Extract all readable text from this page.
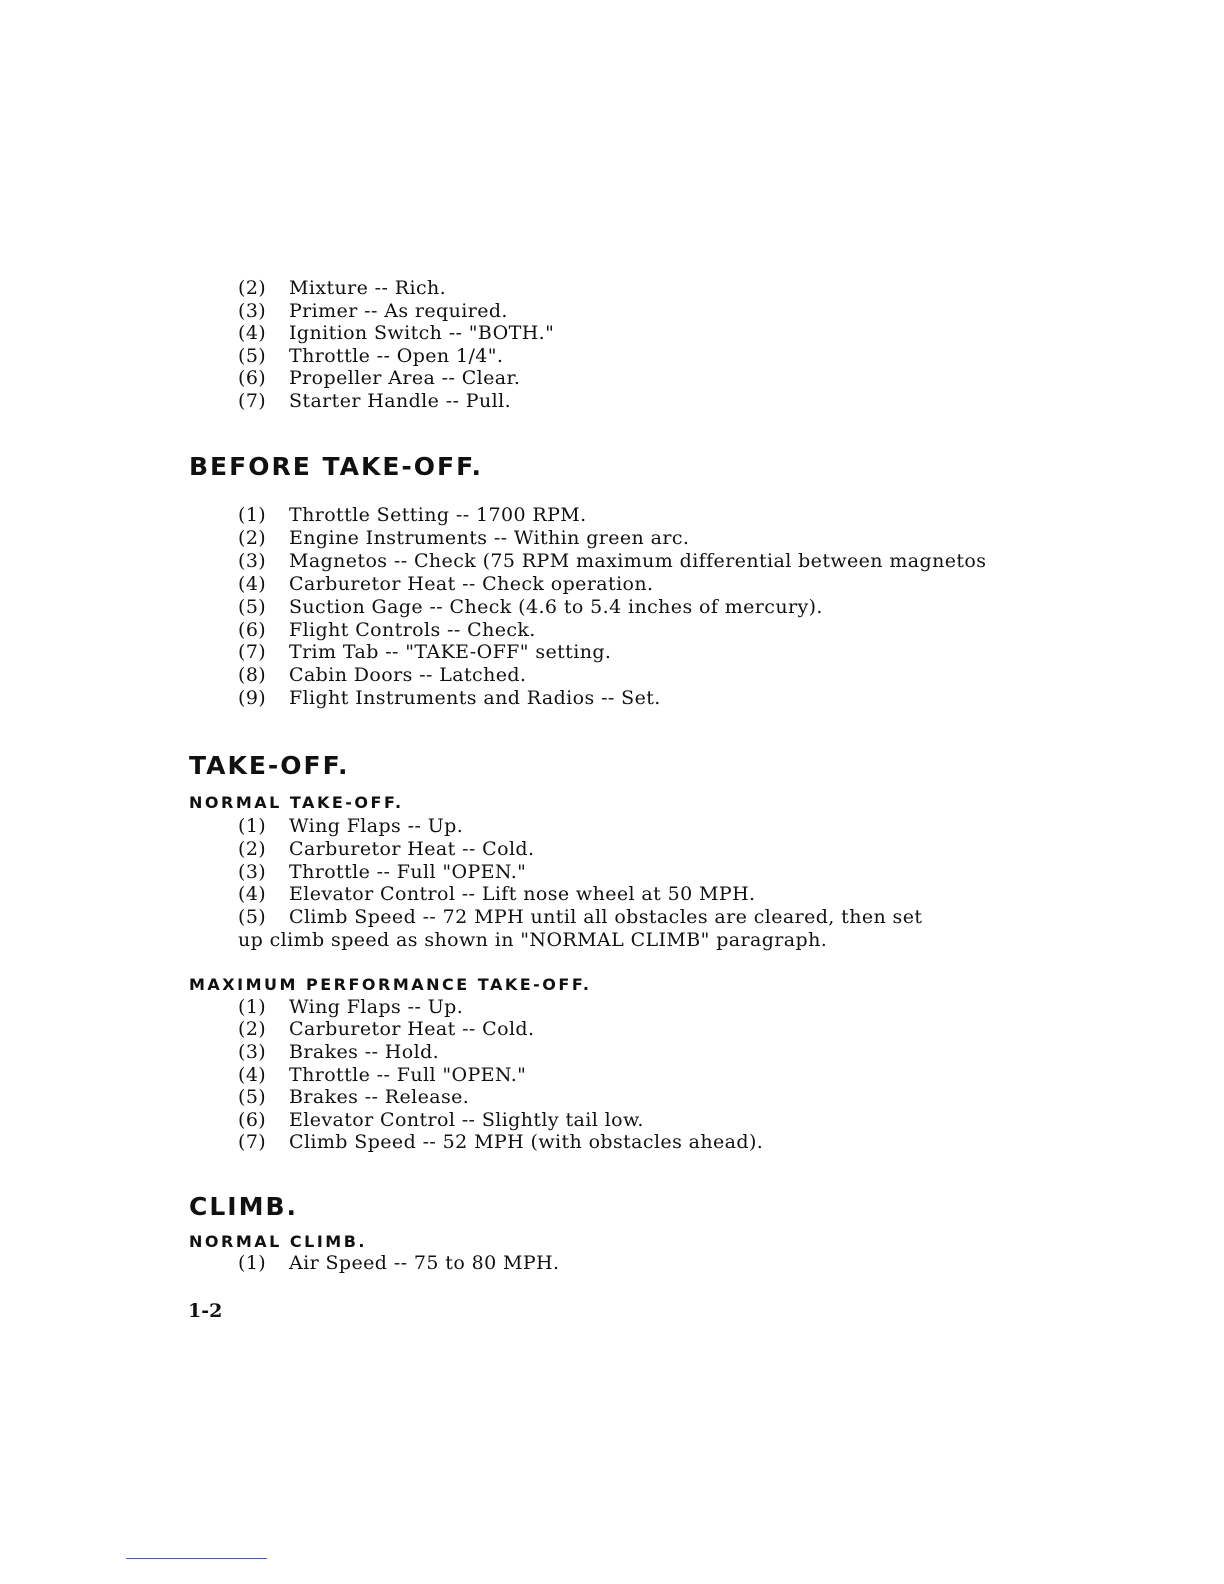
(2) Mixture -- Rich.
(3) Primer -- As required.
(4) Ignition Switch -- "BOTH."
(5) Throttle -- Open 1/4".
(6) Propeller Area -- Clear.
(7) Starter Handle -- Pull.
BEFORE TAKE-OFF.
(1) Throttle Setting -- 1700 RPM.
(2) Engine Instruments -- Within green arc.
(3) Magnetos -- Check (75 RPM maximum differential between magnetos
(4) Carburetor Heat -- Check operation.
(5) Suction Gage -- Check (4.6 to 5.4 inches of mercury).
(6) Flight Controls -- Check.
(7) Trim Tab -- "TAKE-OFF" setting.
(8) Cabin Doors -- Latched.
(9) Flight Instruments and Radios -- Set.
TAKE-OFF.
NORMAL TAKE-OFF.
(1) Wing Flaps -- Up.
(2) Carburetor Heat -- Cold.
(3) Throttle -- Full "OPEN."
(4) Elevator Control -- Lift nose wheel at 50 MPH.
(5) Climb Speed -- 72 MPH until all obstacles are cleared, then set
up climb speed as shown in "NORMAL CLIMB" paragraph.
MAXIMUM PERFORMANCE TAKE-OFF.
(1) Wing Flaps -- Up.
(2) Carburetor Heat -- Cold.
(3) Brakes -- Hold.
(4) Throttle -- Full "OPEN."
(5) Brakes -- Release.
(6) Elevator Control -- Slightly tail low.
(7) Climb Speed -- 52 MPH (with obstacles ahead).
CLIMB.
NORMAL CLIMB.
(1) Air Speed -- 75 to 80 MPH.
1-2
